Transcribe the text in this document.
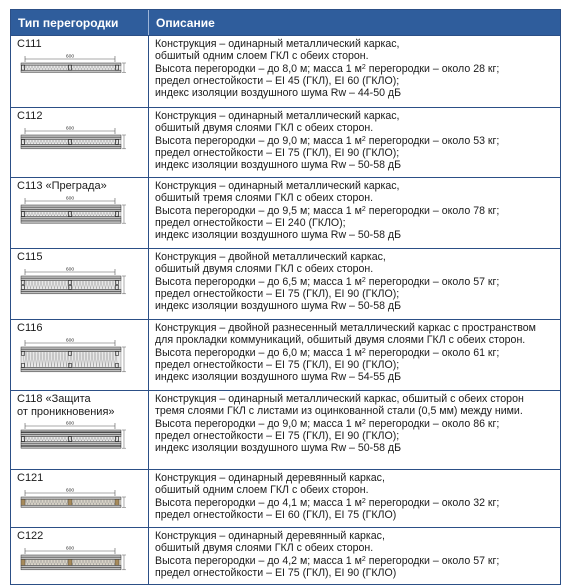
Тип перегородки	Описание
С111
600
Конструкция – одинарный металлический каркас,
обшитый одним слоем ГКЛ с обеих сторон.
Высота перегородки – до 8,0 м; масса 1 $м^2$ перегородки – около 28 кг;
предел огнестойкости – EI 45 (ГКЛ), EI 60 (ГКЛО);
индекс изоляции воздушного шума Rw – 44-50 дБ
С112
600
Конструкция – одинарный металлический каркас,
обшитый двумя слоями ГКЛ с обеих сторон.
Высота перегородки – до 9,0 м; масса 1 $м^2$ перегородки – около 53 кг;
предел огнестойкости – EI 75 (ГКЛ), EI 90 (ГКЛО);
индекс изоляции воздушного шума Rw – 50-58 дБ
С113 «Преграда»
600
Конструкция – одинарный металлический каркас,
обшитый тремя слоями ГКЛ с обеих сторон.
Высота перегородки – до 9,5 м; масса 1 $м^2$ перегородки – около 78 кг;
предел огнестойкости – EI 240 (ГКЛО);
индекс изоляции воздушного шума Rw – 50-58 дБ
С115
600
Конструкция – двойной металлический каркас,
обшитый двумя слоями ГКЛ с обеих сторон.
Высота перегородки – до 6,5 м; масса 1 $м^2$ перегородки – около 57 кг;
предел огнестойкости – EI 75 (ГКЛ), EI 90 (ГКЛО);
индекс изоляции воздушного шума Rw – 50-58 дБ
С116
600
Конструкция – двойной разнесенный металлический каркас с пространством
для прокладки коммуникаций, обшитый двумя слоями ГКЛ с обеих сторон.
Высота перегородки – до 6,0 м; масса 1 $м^2$ перегородки – около 61 кг;
предел огнестойкости – EI 75 (ГКЛ), EI 90 (ГКЛО);
индекс изоляции воздушного шума Rw – 54-55 дБ
С118 «Защита
от проникновения»
600
Конструкция – одинарный металлический каркас, обшитый с обеих сторон
тремя слоями ГКЛ с листами из оцинкованной стали (0,5 мм) между ними.
Высота перегородки – до 9,0 м; масса 1 $м^2$ перегородки – около 86 кг;
предел огнестойкости – EI 75 (ГКЛ), EI 90 (ГКЛО);
индекс изоляции воздушного шума Rw – 50-58 дБ
С121
600
Конструкция – одинарный деревянный каркас,
обшитый одним слоем ГКЛ с обеих сторон.
Высота перегородки – до 4,1 м; масса 1 $м^2$ перегородки – около 32 кг;
предел огнестойкости – EI 60 (ГКЛ), EI 75 (ГКЛО)
С122
600
Конструкция – одинарный деревянный каркас,
обшитый двумя слоями ГКЛ с обеих сторон.
Высота перегородки – до 4,2 м; масса 1 $м^2$ перегородки – около 57 кг;
предел огнестойкости – EI 75 (ГКЛ), EI 90 (ГКЛО)
